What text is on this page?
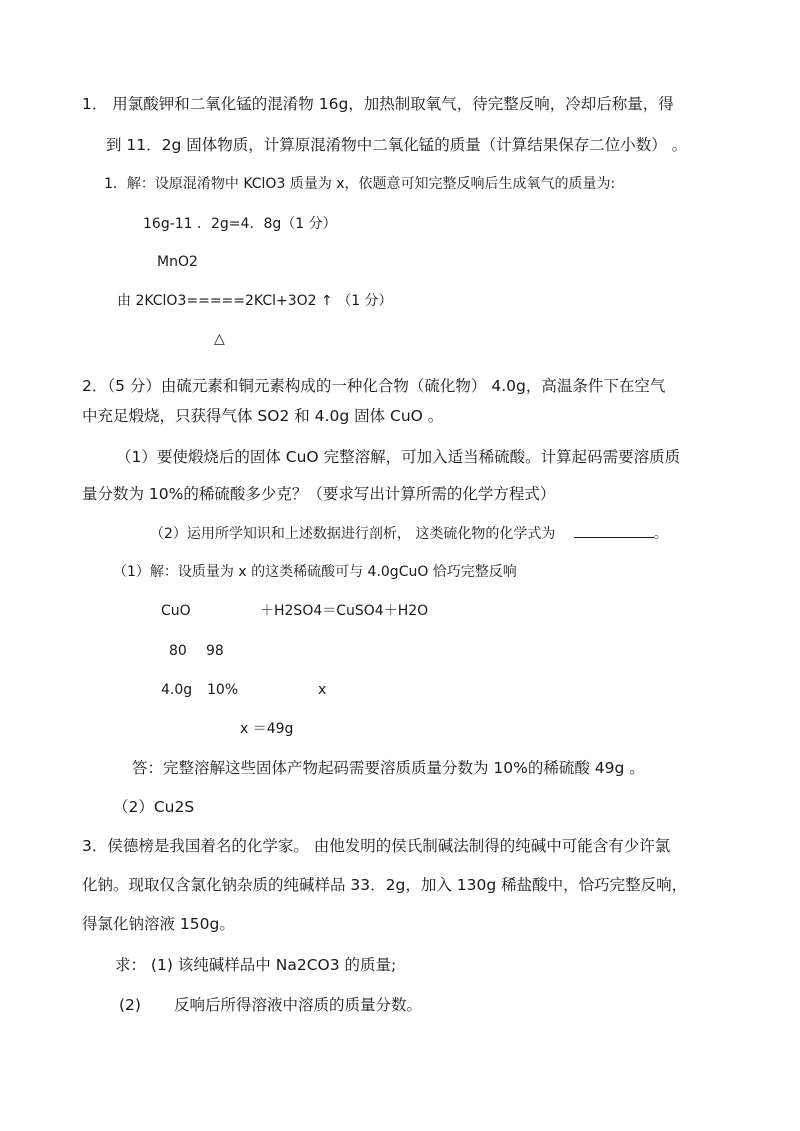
1． 用氯酸钾和二氧化锰的混淆物 16g，加热制取氧气，待完整反响，冷却后称量，得
到 11．2g 固体物质，计算原混淆物中二氧化锰的质量（计算结果保存二位小数） 。
1．解：设原混淆物中 KClO3 质量为 x，依题意可知完整反响后生成氧气的质量为:
16g-11 ．2g=4．8g（1 分）
MnO2
由 2KClO3=====2KCl+3O2 ↑ （1 分）
△
2．（5 分）由硫元素和铜元素构成的一种化合物（硫化物） 4.0g，高温条件下在空气
中充足煅烧，只获得气体 SO2 和 4.0g 固体 CuO 。
（1）要使煅烧后的固体 CuO 完整溶解，可加入适当稀硫酸。计算起码需要溶质质
量分数为 10%的稀硫酸多少克？（要求写出计算所需的化学方程式）
（2）运用所学知识和上述数据进行剖析， 这类硫化物的化学式为	。
（1）解：设质量为 x 的这类稀硫酸可与 4.0gCuO 恰巧完整反响
CuO	＋H2SO4＝CuSO4＋H2O
80 98
4.0g 10%	x
x ＝49g
答：完整溶解这些固体产物起码需要溶质质量分数为 10%的稀硫酸 49g 。
（2）Cu2S
3．侯德榜是我国着名的化学家。 由他发明的侯氏制碱法制得的纯碱中可能含有少许氯
化钠。现取仅含氯化钠杂质的纯碱样品 33．2g，加入 130g 稀盐酸中，恰巧完整反响，
得氯化钠溶液 150g。
求： (1) 该纯碱样品中 Na2CO3 的质量;
(2) 反响后所得溶液中溶质的质量分数。
